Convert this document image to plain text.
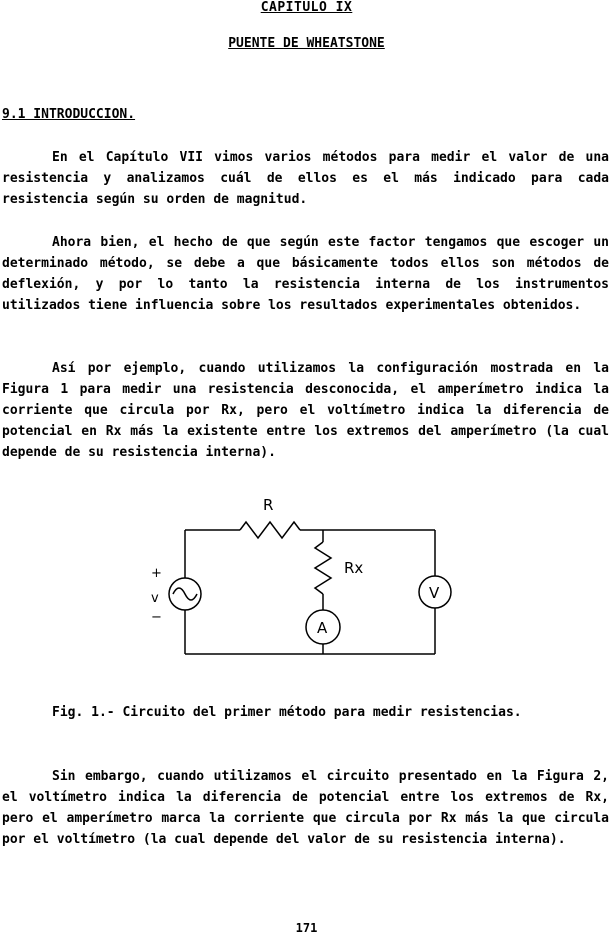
CAPITULO IX
PUENTE DE WHEATSTONE
9.1 INTRODUCCION.

En el Capítulo VII vimos varios métodos para medir el valor de una resistencia y analizamos cuál de ellos es el más indicado para cada resistencia según su orden de magnitud.

Ahora bien, el hecho de que según este factor tengamos que escoger un determinado método, se debe a que básicamente todos ellos son métodos de deflexión, y por lo tanto la resistencia interna de los instrumentos utilizados tiene influencia sobre los resultados experimentales obtenidos.

Así por ejemplo, cuando utilizamos la configuración mostrada en la Figura 1 para medir una resistencia desconocida, el amperímetro indica la corriente que circula por Rx, pero el voltímetro indica la diferencia de potencial en Rx más la existente entre los extremos del amperímetro (la cual depende de su resistencia interna).

R
Rx
+
v
−
A
V
Fig. 1.- Circuito del primer método para medir resistencias.

Sin embargo, cuando utilizamos el circuito presentado en la Figura 2, el voltímetro indica la diferencia de potencial entre los extremos de Rx, pero el amperímetro marca la corriente que circula por Rx más la que circula por el voltímetro (la cual depende del valor de su resistencia interna).

171
